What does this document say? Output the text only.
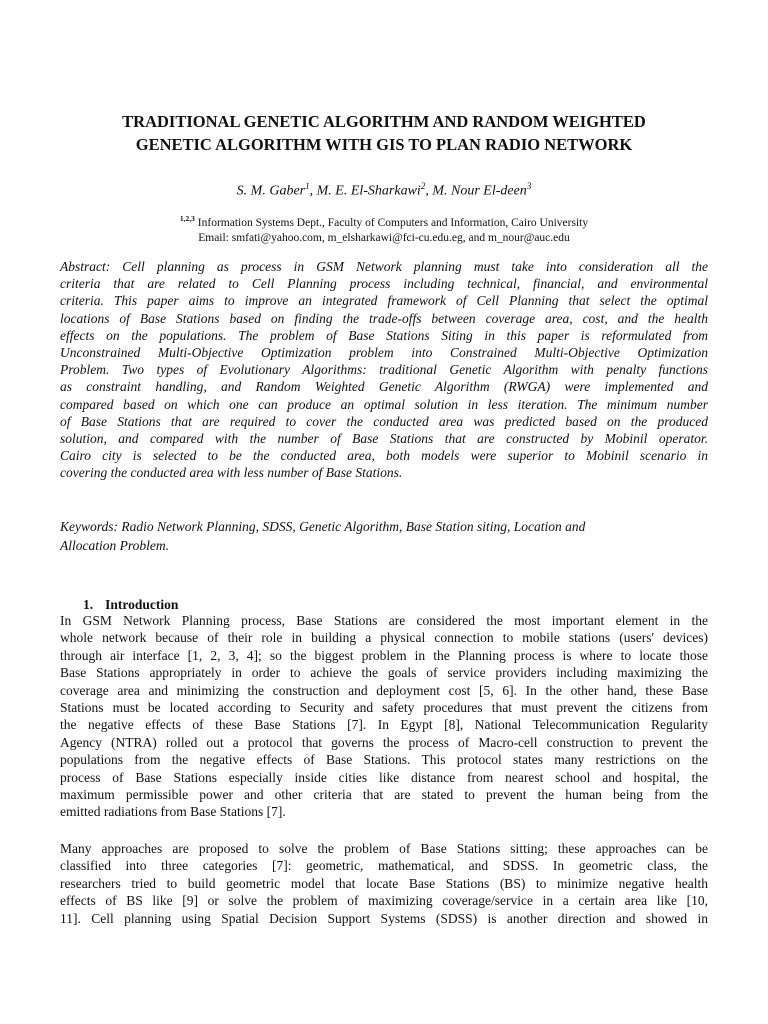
TRADITIONAL GENETIC ALGORITHM AND RANDOM WEIGHTED
GENETIC ALGORITHM WITH GIS TO PLAN RADIO NETWORK
S. M. Gaber$^1$, M. E. El-Sharkawi$^2$, M. Nour El-deen$^3$
$^{1,2,3}$ Information Systems Dept., Faculty of Computers and Information, Cairo University
Email: smfati@yahoo.com, m_elsharkawi@fci-cu.edu.eg, and m_nour@auc.edu
Abstract: Cell planning as process in GSM Network planning must take into consideration all the
criteria that are related to Cell Planning process including technical, financial, and environmental
criteria. This paper aims to improve an integrated framework of Cell Planning that select the optimal
locations of Base Stations based on finding the trade-offs between coverage area, cost, and the health
effects on the populations. The problem of Base Stations Siting in this paper is reformulated from
Unconstrained Multi-Objective Optimization problem into Constrained Multi-Objective Optimization
Problem. Two types of Evolutionary Algorithms: traditional Genetic Algorithm with penalty functions
as constraint handling, and Random Weighted Genetic Algorithm (RWGA) were implemented and
compared based on which one can produce an optimal solution in less iteration. The minimum number
of Base Stations that are required to cover the conducted area was predicted based on the produced
solution, and compared with the number of Base Stations that are constructed by Mobinil operator.
Cairo city is selected to be the conducted area, both models were superior to Mobinil scenario in
covering the conducted area with less number of Base Stations.
Keywords: Radio Network Planning, SDSS, Genetic Algorithm, Base Station siting, Location and
Allocation Problem.
1. Introduction
In GSM Network Planning process, Base Stations are considered the most important element in the
whole network because of their role in building a physical connection to mobile stations (users' devices)
through air interface [1, 2, 3, 4]; so the biggest problem in the Planning process is where to locate those
Base Stations appropriately in order to achieve the goals of service providers including maximizing the
coverage area and minimizing the construction and deployment cost [5, 6]. In the other hand, these Base
Stations must be located according to Security and safety procedures that must prevent the citizens from
the negative effects of these Base Stations [7]. In Egypt [8], National Telecommunication Regularity
Agency (NTRA) rolled out a protocol that governs the process of Macro-cell construction to prevent the
populations from the negative effects of Base Stations. This protocol states many restrictions on the
process of Base Stations especially inside cities like distance from nearest school and hospital, the
maximum permissible power and other criteria that are stated to prevent the human being from the
emitted radiations from Base Stations [7].
Many approaches are proposed to solve the problem of Base Stations sitting; these approaches can be
classified into three categories [7]: geometric, mathematical, and SDSS. In geometric class, the
researchers tried to build geometric model that locate Base Stations (BS) to minimize negative health
effects of BS like [9] or solve the problem of maximizing coverage/service in a certain area like [10,
11]. Cell planning using Spatial Decision Support Systems (SDSS) is another direction and showed in
